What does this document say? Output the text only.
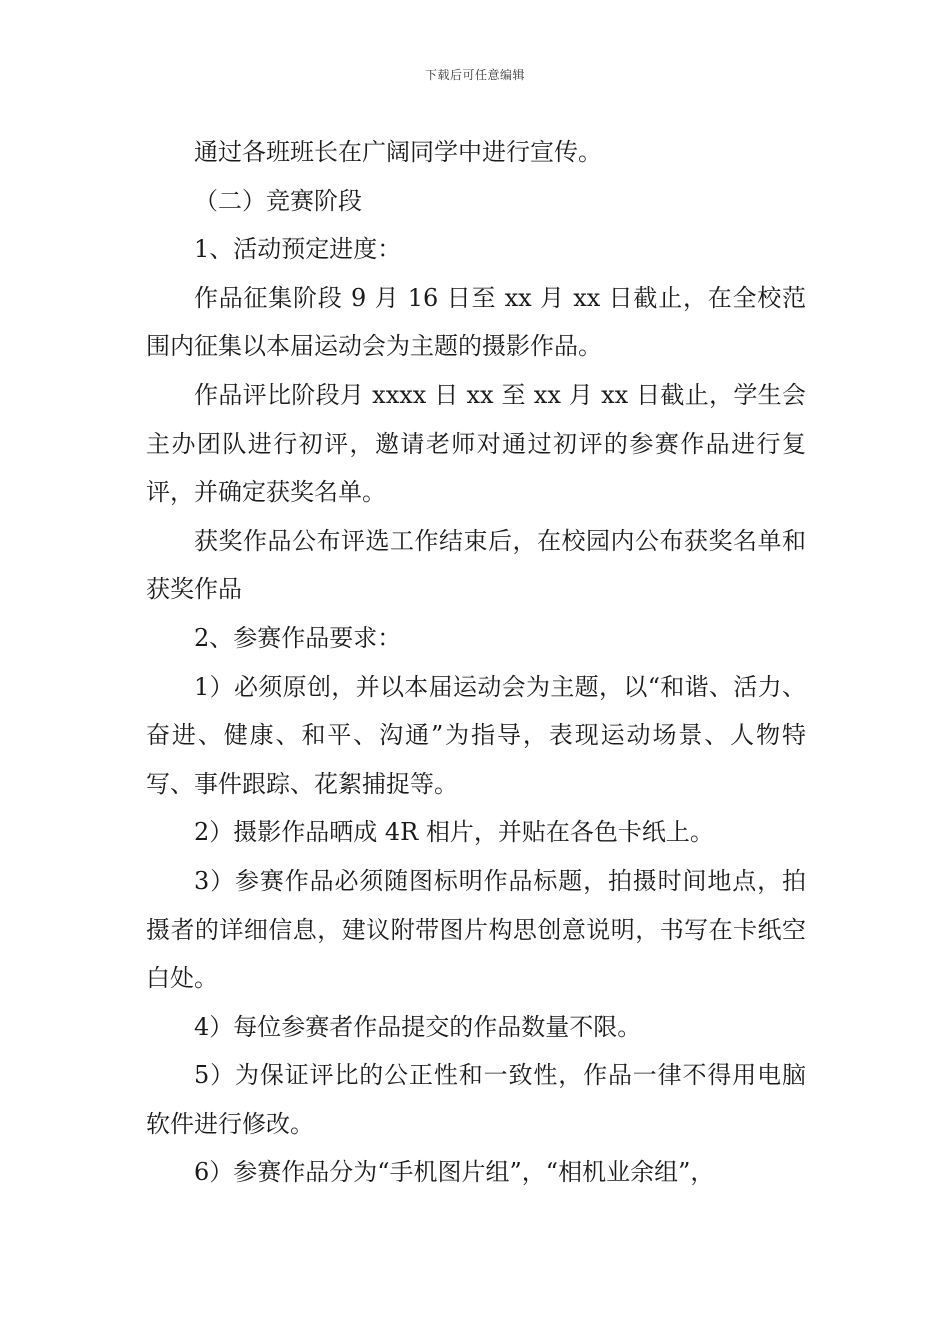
下载后可任意编辑

通过各班班长在广阔同学中进行宣传。

（二）竞赛阶段

1、活动预定进度：

作品征集阶段 9 月 16 日至 xx 月 xx 日截止，在全校范围内征集以本届运动会为主题的摄影作品。

作品评比阶段月 xxxx 日 xx 至 xx 月 xx 日截止，学生会主办团队进行初评，邀请老师对通过初评的参赛作品进行复评，并确定获奖名单。

获奖作品公布评选工作结束后，在校园内公布获奖名单和获奖作品

2、参赛作品要求：

1）必须原创，并以本届运动会为主题，以“和谐、活力、奋进、健康、和平、沟通”为指导，表现运动场景、人物特写、事件跟踪、花絮捕捉等。

2）摄影作品晒成 4R 相片，并贴在各色卡纸上。

3）参赛作品必须随图标明作品标题，拍摄时间地点，拍摄者的详细信息，建议附带图片构思创意说明，书写在卡纸空白处。

4）每位参赛者作品提交的作品数量不限。

5）为保证评比的公正性和一致性，作品一律不得用电脑软件进行修改。

6）参赛作品分为“手机图片组”，“相机业余组”，
